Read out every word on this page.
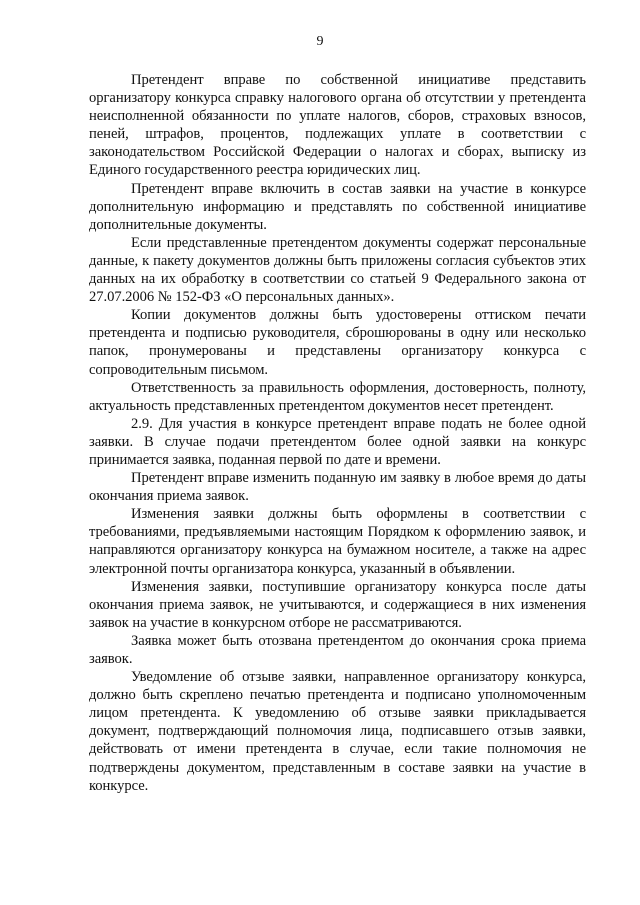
9

Претендент вправе по собственной инициативе представить организатору конкурса справку налогового органа об отсутствии у претендента неисполненной обязанности по уплате налогов, сборов, страховых взносов, пеней, штрафов, процентов, подлежащих уплате в соответствии с законодательством Российской Федерации о налогах и сборах, выписку из Единого государственного реестра юридических лиц.

Претендент вправе включить в состав заявки на участие в конкурсе дополнительную информацию и представлять по собственной инициативе дополнительные документы.

Если представленные претендентом документы содержат персональные данные, к пакету документов должны быть приложены согласия субъектов этих данных на их обработку в соответствии со статьей 9 Федерального закона от 27.07.2006 № 152-ФЗ «О персональных данных».

Копии документов должны быть удостоверены оттиском печати претендента и подписью руководителя, сброшюрованы в одну или несколько папок, пронумерованы и представлены организатору конкурса с сопроводительным письмом.

Ответственность за правильность оформления, достоверность, полноту, актуальность представленных претендентом документов несет претендент.

2.9. Для участия в конкурсе претендент вправе подать не более одной заявки. В случае подачи претендентом более одной заявки на конкурс принимается заявка, поданная первой по дате и времени.

Претендент вправе изменить поданную им заявку в любое время до даты окончания приема заявок.

Изменения заявки должны быть оформлены в соответствии с требованиями, предъявляемыми настоящим Порядком к оформлению заявок, и направляются организатору конкурса на бумажном носителе, а также на адрес электронной почты организатора конкурса, указанный в объявлении.

Изменения заявки, поступившие организатору конкурса после даты окончания приема заявок, не учитываются, и содержащиеся в них изменения заявок на участие в конкурсном отборе не рассматриваются.

Заявка может быть отозвана претендентом до окончания срока приема заявок.

Уведомление об отзыве заявки, направленное организатору конкурса, должно быть скреплено печатью претендента и подписано уполномоченным лицом претендента. К уведомлению об отзыве заявки прикладывается документ, подтверждающий полномочия лица, подписавшего отзыв заявки, действовать от имени претендента в случае, если такие полномочия не подтверждены документом, представленным в составе заявки на участие в конкурсе.
